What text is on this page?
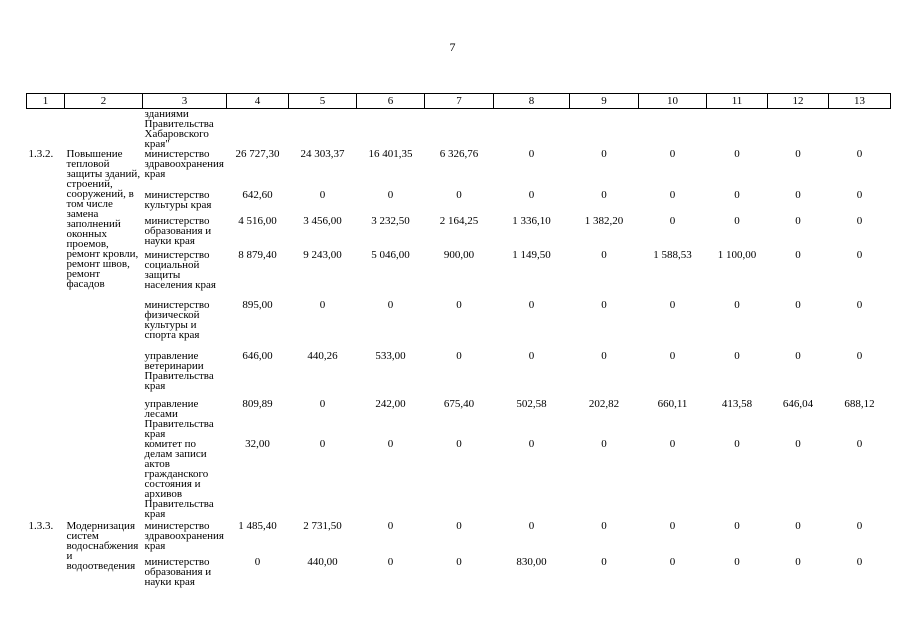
7
1	2	3	4	5	6	7	8	9	10	11	12	13
		зданиями Правительства Хабаровского края"										
1.3.2.	Повышение тепловой защиты зданий, строений, сооружений, в том числе замена заполнений оконных проемов, ремонт кровли, ремонт швов, ремонт фасадов	министерство здравоохранения края	26 727,30	24 303,37	16 401,35	6 326,76	0	0	0	0	0	0
		министерство культуры края	642,60	0	0	0	0	0	0	0	0	0
		министерство образования и науки края	4 516,00	3 456,00	3 232,50	2 164,25	1 336,10	1 382,20	0	0	0	0
		министерство социальной защиты населения края	8 879,40	9 243,00	5 046,00	900,00	1 149,50	0	1 588,53	1 100,00	0	0
		министерство физической культуры и спорта края	895,00	0	0	0	0	0	0	0	0	0
		управление ветеринарии Правительства края	646,00	440,26	533,00	0	0	0	0	0	0	0
		управление лесами Правительства края	809,89	0	242,00	675,40	502,58	202,82	660,11	413,58	646,04	688,12
		комитет по делам записи актов гражданского состояния и архивов Правительства края	32,00	0	0	0	0	0	0	0	0	0
1.3.3.	Модернизация систем водоснабжения и водоотведения	министерство здравоохранения края	1 485,40	2 731,50	0	0	0	0	0	0	0	0
		министерство образования и науки края	0	440,00	0	0	830,00	0	0	0	0	0
